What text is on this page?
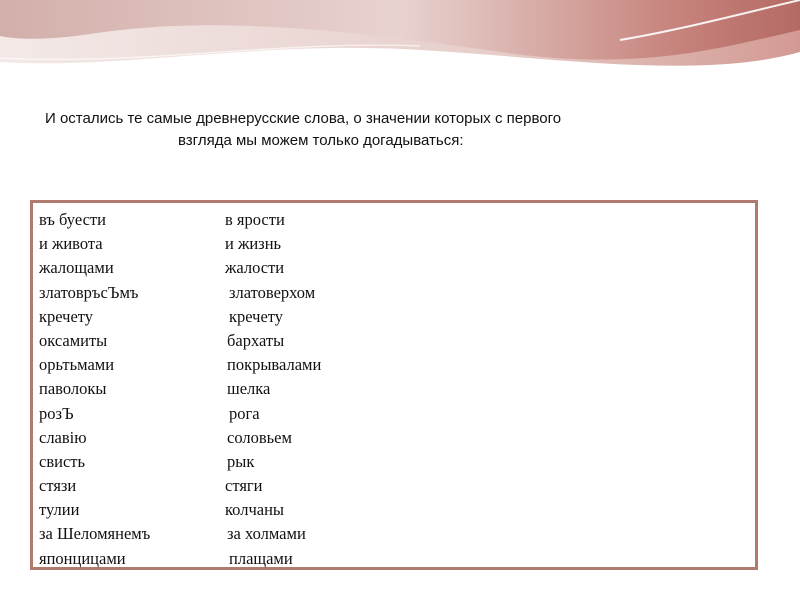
И остались те самые древнерусские слова, о значении которых с первого
взгляда мы можем только догадываться:
въ буести	в ярости
и живота	и жизнь
жалощами	жалости
златовръсЪмъ	златоверхом
кречету	кречету
оксамиты	бархаты
орьтьмами	покрывалами
паволокы	шелка
розЪ	рога
славію	соловьем
свисть	рык
стязи	стяги
тулии	колчаны
за Шеломянемъ	за холмами
японцицами	плащами
